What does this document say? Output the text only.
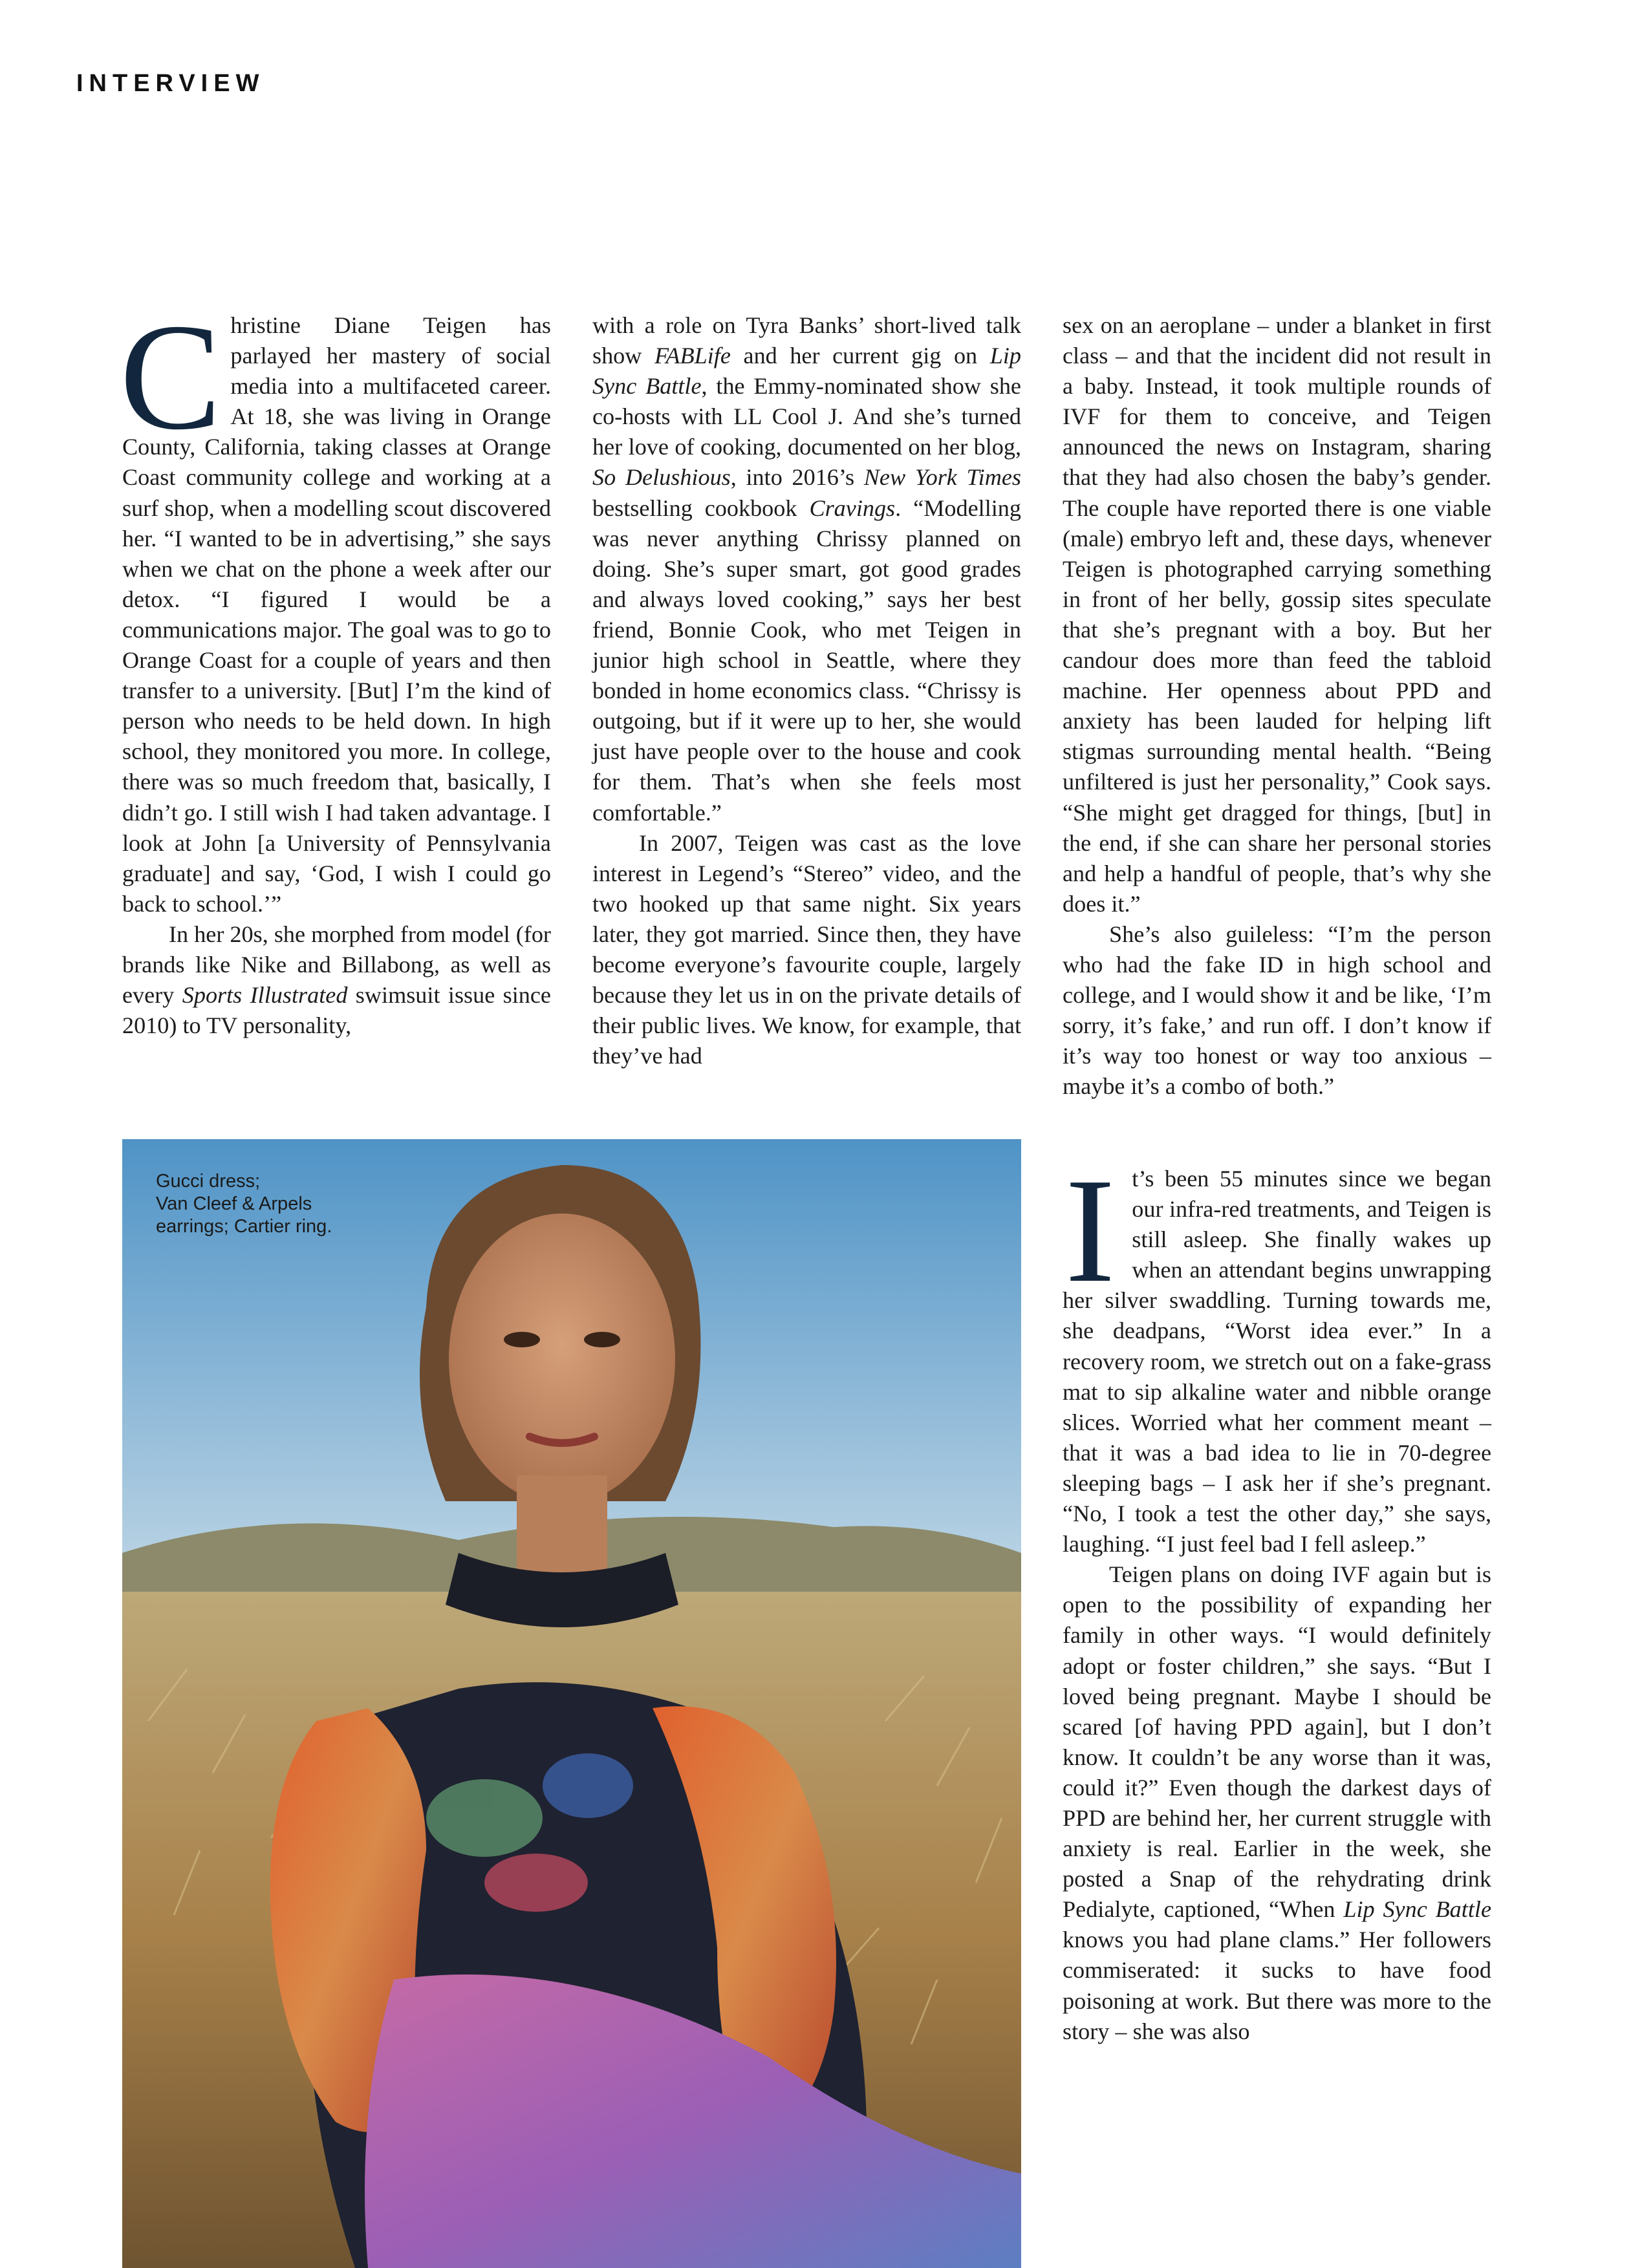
INTERVIEW

Christine Diane Teigen has parlayed her mastery of social media into a multifaceted career. At 18, she was living in Orange County, California, taking classes at Orange Coast community college and working at a surf shop, when a modelling scout discovered her. “I wanted to be in advertising,” she says when we chat on the phone a week after our detox. “I figured I would be a communications major. The goal was to go to Orange Coast for a couple of years and then transfer to a university. [But] I’m the kind of person who needs to be held down. In high school, they monitored you more. In college, there was so much freedom that, basically, I didn’t go. I still wish I had taken advantage. I look at John [a University of Pennsylvania graduate] and say, ‘God, I wish I could go back to school.’”

In her 20s, she morphed from model (for brands like Nike and Billabong, as well as every Sports Illustrated swimsuit issue since 2010) to TV personality,

with a role on Tyra Banks’ short-lived talk show FABLife and her current gig on Lip Sync Battle, the Emmy-nominated show she co-hosts with LL Cool J. And she’s turned her love of cooking, documented on her blog, So Delushious, into 2016’s New York Times bestselling cookbook Cravings. “Modelling was never anything Chrissy planned on doing. She’s super smart, got good grades and always loved cooking,” says her best friend, Bonnie Cook, who met Teigen in junior high school in Seattle, where they bonded in home economics class. “Chrissy is outgoing, but if it were up to her, she would just have people over to the house and cook for them. That’s when she feels most comfortable.”

In 2007, Teigen was cast as the love interest in Legend’s “Stereo” video, and the two hooked up that same night. Six years later, they got married. Since then, they have become everyone’s favourite couple, largely because they let us in on the private details of their public lives. We know, for example, that they’ve had

sex on an aeroplane – under a blanket in first class – and that the incident did not result in a baby. Instead, it took multiple rounds of IVF for them to conceive, and Teigen announced the news on Instagram, sharing that they had also chosen the baby’s gender. The couple have reported there is one viable (male) embryo left and, these days, whenever Teigen is photographed carrying something in front of her belly, gossip sites speculate that she’s pregnant with a boy. But her candour does more than feed the tabloid machine. Her openness about PPD and anxiety has been lauded for helping lift stigmas surrounding mental health. “Being unfiltered is just her personality,” Cook says. “She might get dragged for things, [but] in the end, if she can share her personal stories and help a handful of people, that’s why she does it.”

She’s also guileless: “I’m the person who had the fake ID in high school and college, and I would show it and be like, ‘I’m sorry, it’s fake,’ and run off. I don’t know if it’s way too honest or way too anxious – maybe it’s a combo of both.”

It’s been 55 minutes since we began our infra-red treatments, and Teigen is still asleep. She finally wakes up when an attendant begins unwrapping her silver swaddling. Turning towards me, she deadpans, “Worst idea ever.” In a recovery room, we stretch out on a fake-grass mat to sip alkaline water and nibble orange slices. Worried what her comment meant – that it was a bad idea to lie in 70-degree sleeping bags – I ask her if she’s pregnant. “No, I took a test the other day,” she says, laughing. “I just feel bad I fell asleep.”

Teigen plans on doing IVF again but is open to the possibility of expanding her family in other ways. “I would definitely adopt or foster children,” she says. “But I loved being pregnant. Maybe I should be scared [of having PPD again], but I don’t know. It couldn’t be any worse than it was, could it?” Even though the darkest days of PPD are behind her, her current struggle with anxiety is real. Earlier in the week, she posted a Snap of the rehydrating drink Pedialyte, captioned, “When Lip Sync Battle knows you had plane clams.” Her followers commiserated: it sucks to have food poisoning at work. But there was more to the story – she was also

Gucci dress;
Van Cleef & Arpels
earrings; Cartier ring.
